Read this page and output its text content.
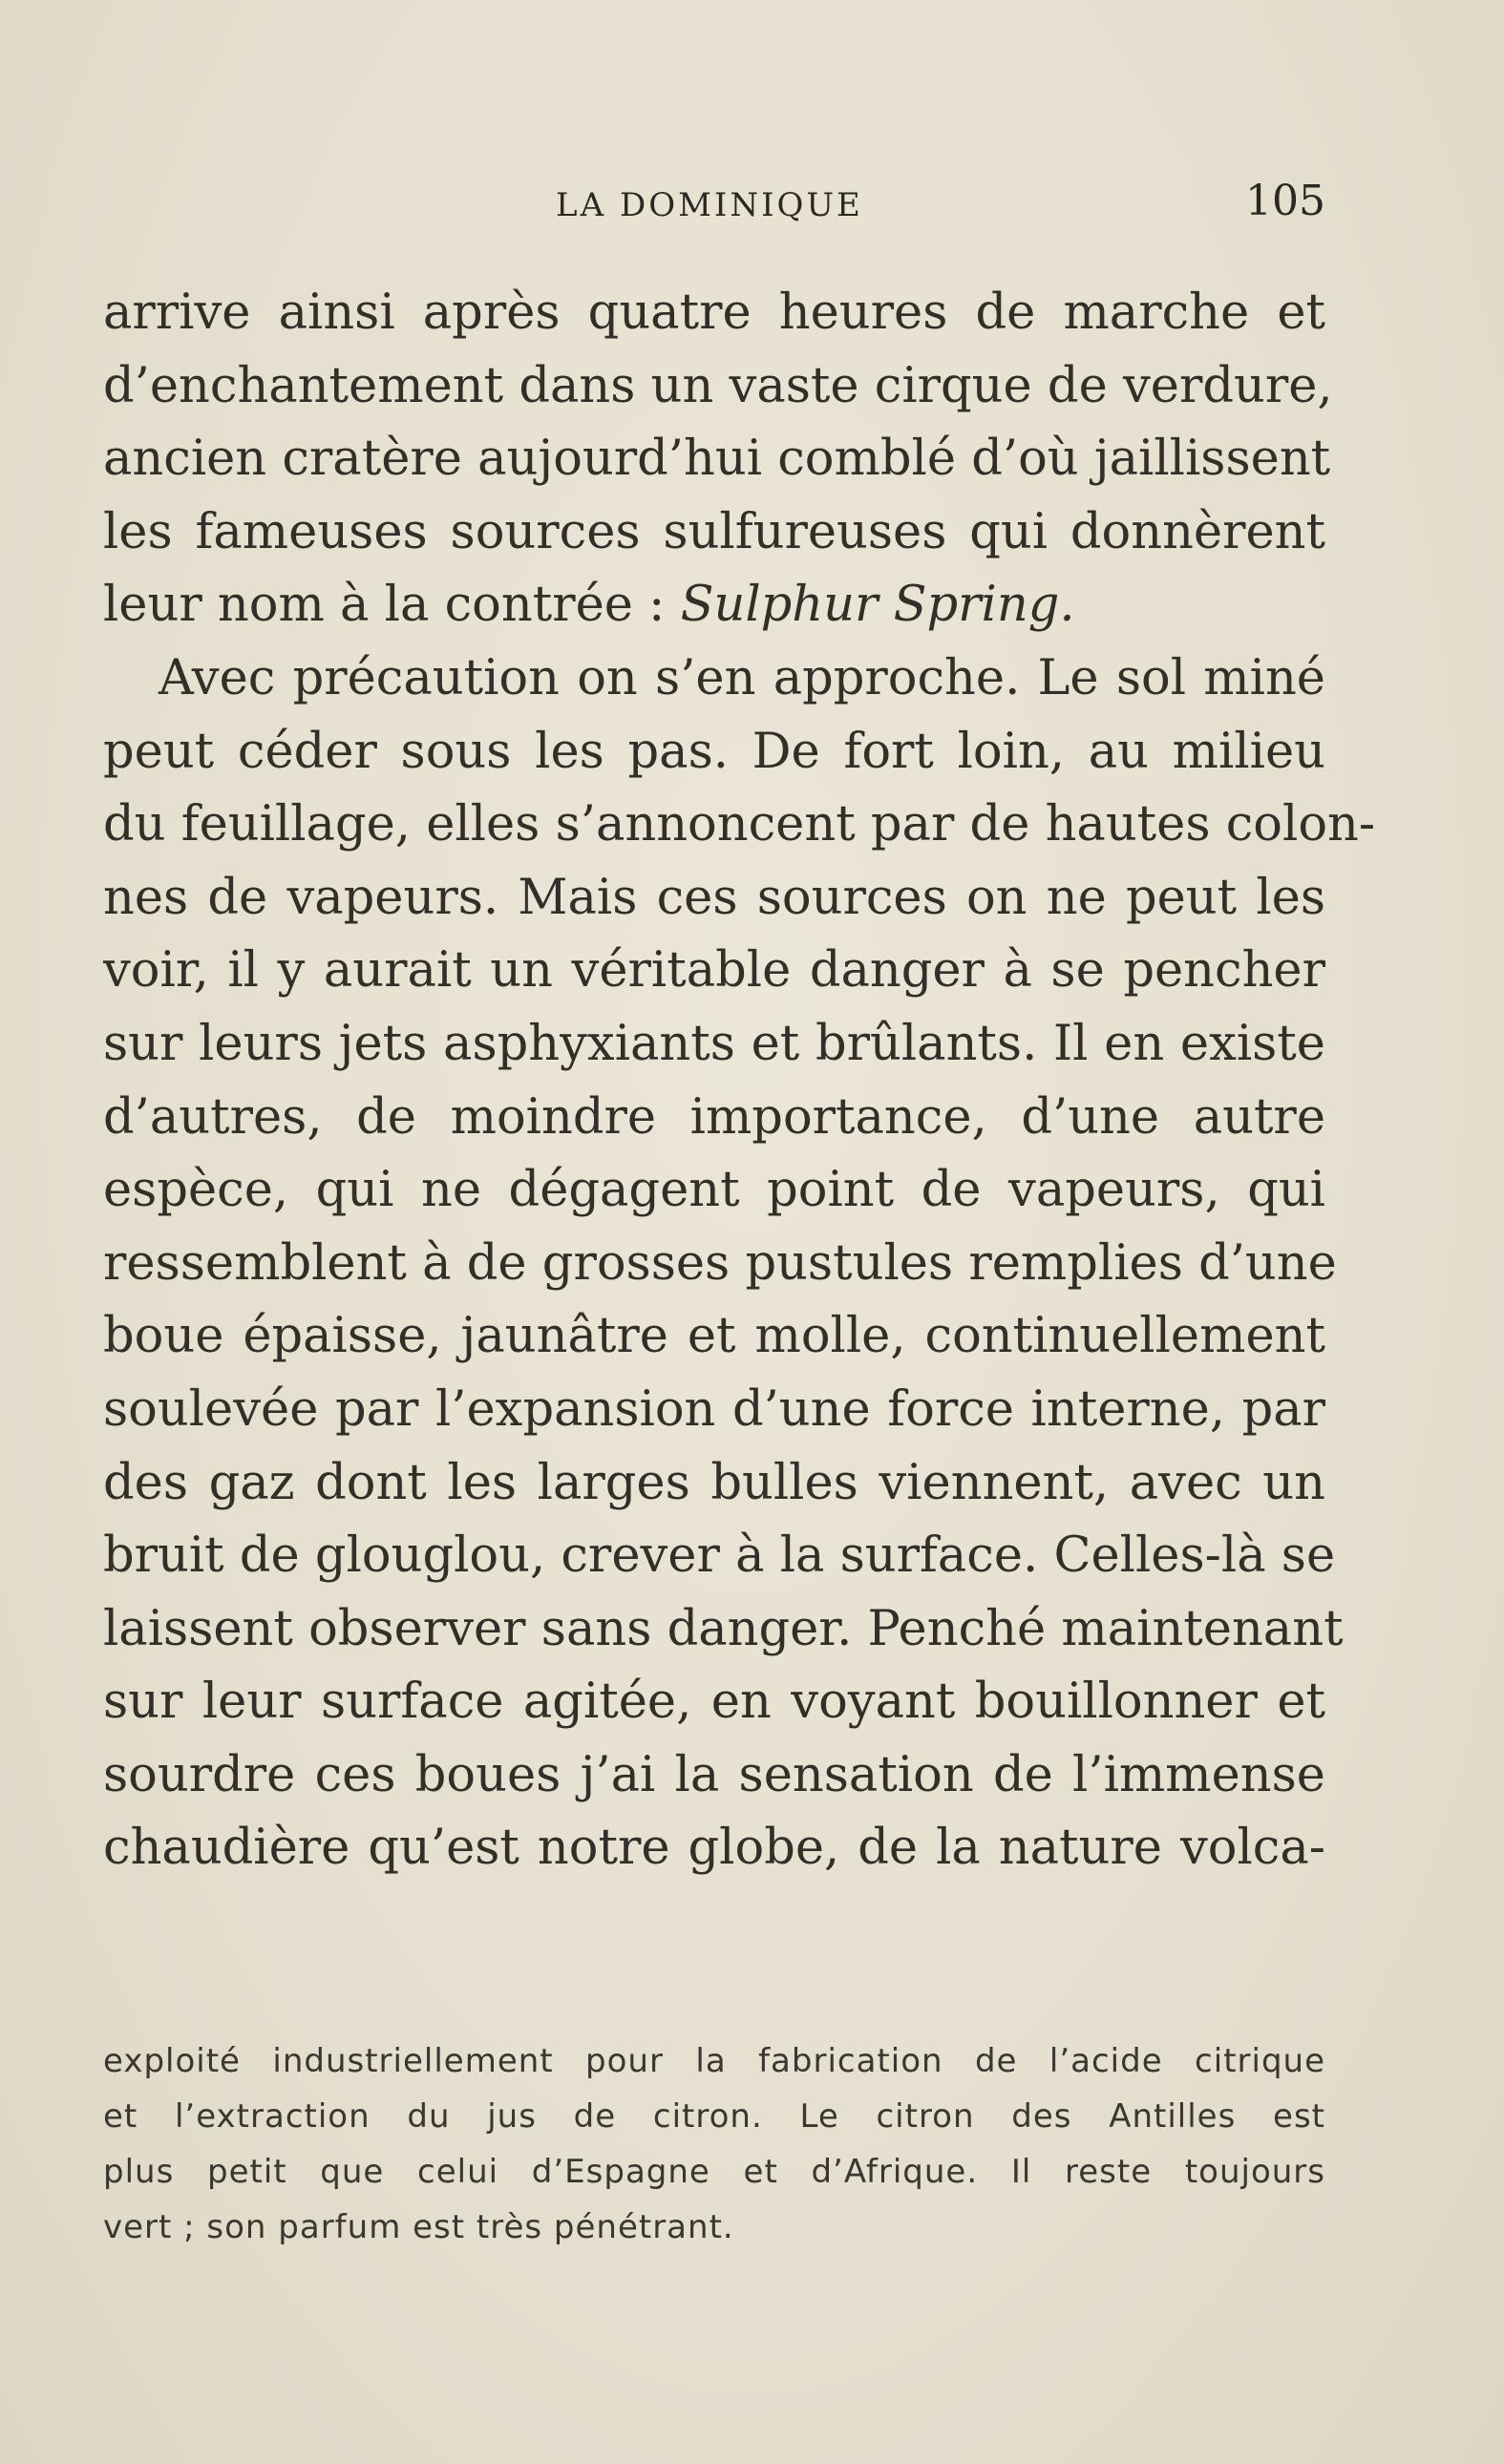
LA DOMINIQUE	105
arrive ainsi après quatre heures de marche et
d’enchantement dans un vaste cirque de verdure,
ancien cratère aujourd’hui comblé d’où jaillissent
les fameuses sources sulfureuses qui donnèrent
leur nom à la contrée : Sulphur Spring.
Avec précaution on s’en approche. Le sol miné
peut céder sous les pas. De fort loin, au milieu
du feuillage, elles s’annoncent par de hautes colon-
nes de vapeurs. Mais ces sources on ne peut les
voir, il y aurait un véritable danger à se pencher
sur leurs jets asphyxiants et brûlants. Il en existe
d’autres, de moindre importance, d’une autre
espèce, qui ne dégagent point de vapeurs, qui
ressemblent à de grosses pustules remplies d’une
boue épaisse, jaunâtre et molle, continuellement
soulevée par l’expansion d’une force interne, par
des gaz dont les larges bulles viennent, avec un
bruit de glouglou, crever à la surface. Celles-là se
laissent observer sans danger. Penché maintenant
sur leur surface agitée, en voyant bouillonner et
sourdre ces boues j’ai la sensation de l’immense
chaudière qu’est notre globe, de la nature volca-
exploité industriellement pour la fabrication de l’acide citrique
et l’extraction du jus de citron. Le citron des Antilles est
plus petit que celui d’Espagne et d’Afrique. Il reste toujours
vert ; son parfum est très pénétrant.
